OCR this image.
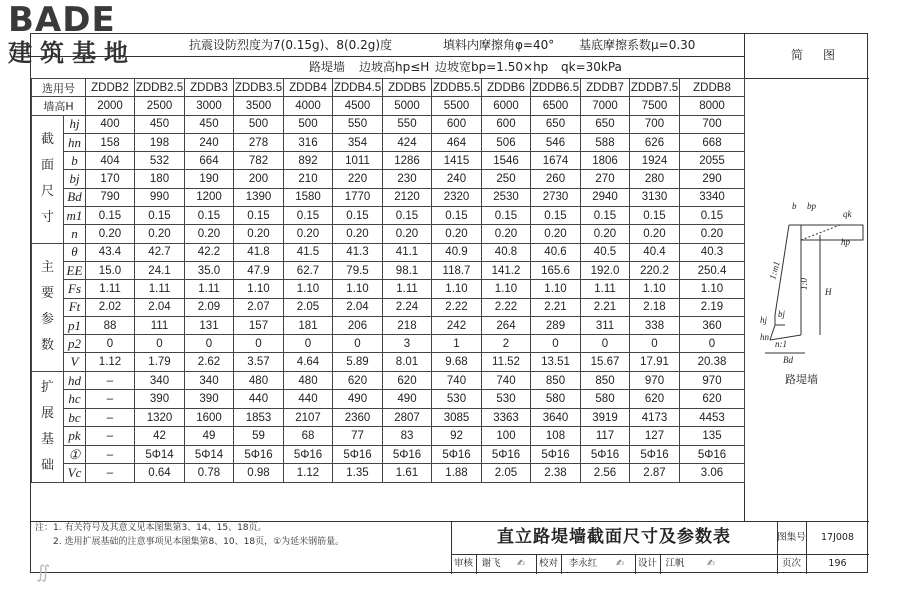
BADE
建筑基地	抗震设防烈度为7(0.15g)、8(0.2g)度	填料内摩擦角φ=40° 基底摩擦系数μ=0.30
路堤墙 边坡高hp≤H 边坡宽bp=1.50×hp qk=30kPa
简图
选用号		ZDDB2	ZDDB2.5	ZDDB3	ZDDB3.5	ZDDB4	ZDDB4.5	ZDDB5	ZDDB5.5	ZDDB6	ZDDB6.5	ZDDB7	ZDDB7.5	ZDDB8
墙高H		2000	2500	3000	3500	4000	4500	5000	5500	6000	6500	7000	7500	8000

截
面
尺
寸	hj	400	450	450	500	500	550	550	600	600	650	650	700	700
	hn	158	198	240	278	316	354	424	464	506	546	588	626	668
	b	404	532	664	782	892	1011	1286	1415	1546	1674	1806	1924	2055
	bj	170	180	190	200	210	220	230	240	250	260	270	280	290
	Bd	790	990	1200	1390	1580	1770	2120	2320	2530	2730	2940	3130	3340
	m1	0.15	0.15	0.15	0.15	0.15	0.15	0.15	0.15	0.15	0.15	0.15	0.15	0.15
	n	0.20	0.20	0.20	0.20	0.20	0.20	0.20	0.20	0.20	0.20	0.20	0.20	0.20

主
要
参
数	θ	43.4	42.7	42.2	41.8	41.5	41.3	41.1	40.9	40.8	40.6	40.5	40.4	40.3
	EE	15.0	24.1	35.0	47.9	62.7	79.5	98.1	118.7	141.2	165.6	192.0	220.2	250.4
	Fs	1.11	1.11	1.11	1.10	1.10	1.10	1.11	1.10	1.10	1.10	1.11	1.10	1.10
	Ft	2.02	2.04	2.09	2.07	2.05	2.04	2.24	2.22	2.22	2.21	2.21	2.18	2.19
	p1	88	111	131	157	181	206	218	242	264	289	311	338	360
	p2	0	0	0	0	0	0	3	1	2	0	0	0	0
	V	1.12	1.79	2.62	3.57	4.64	5.89	8.01	9.68	11.52	13.51	15.67	17.91	20.38

扩
展
基
础	hd	–	340	340	480	480	620	620	740	740	850	850	970	970
	hc	–	390	390	440	440	490	490	530	530	580	580	620	620
	bc	–	1320	1600	1853	2107	2360	2807	3085	3363	3640	3919	4173	4453
	pk	–	42	49	59	68	77	83	92	100	108	117	127	135
	①	–	5Φ14	5Φ14	5Φ16	5Φ16	5Φ16	5Φ16	5Φ16	5Φ16	5Φ16	5Φ16	5Φ16	5Φ16
	Vc	–	0.64	0.78	0.98	1.12	1.35	1.61	1.88	2.05	2.38	2.56	2.87	3.06
注：1. 有关符号及其意义见本图集第3、14、15、18页。
2. 选用扩展基础的注意事项见本图集第8、10、18页，①为延米钢筋量。	直立路堤墙截面尺寸及参数表	图集号	17J008
审核 谢飞	✍	校对	李永红	✍	设计 江帆	✍	页次	196
b bp
qk
hp
1:m1
1:0
H
bj
hj
hn
Bd
n:1
路堤墙
∬
